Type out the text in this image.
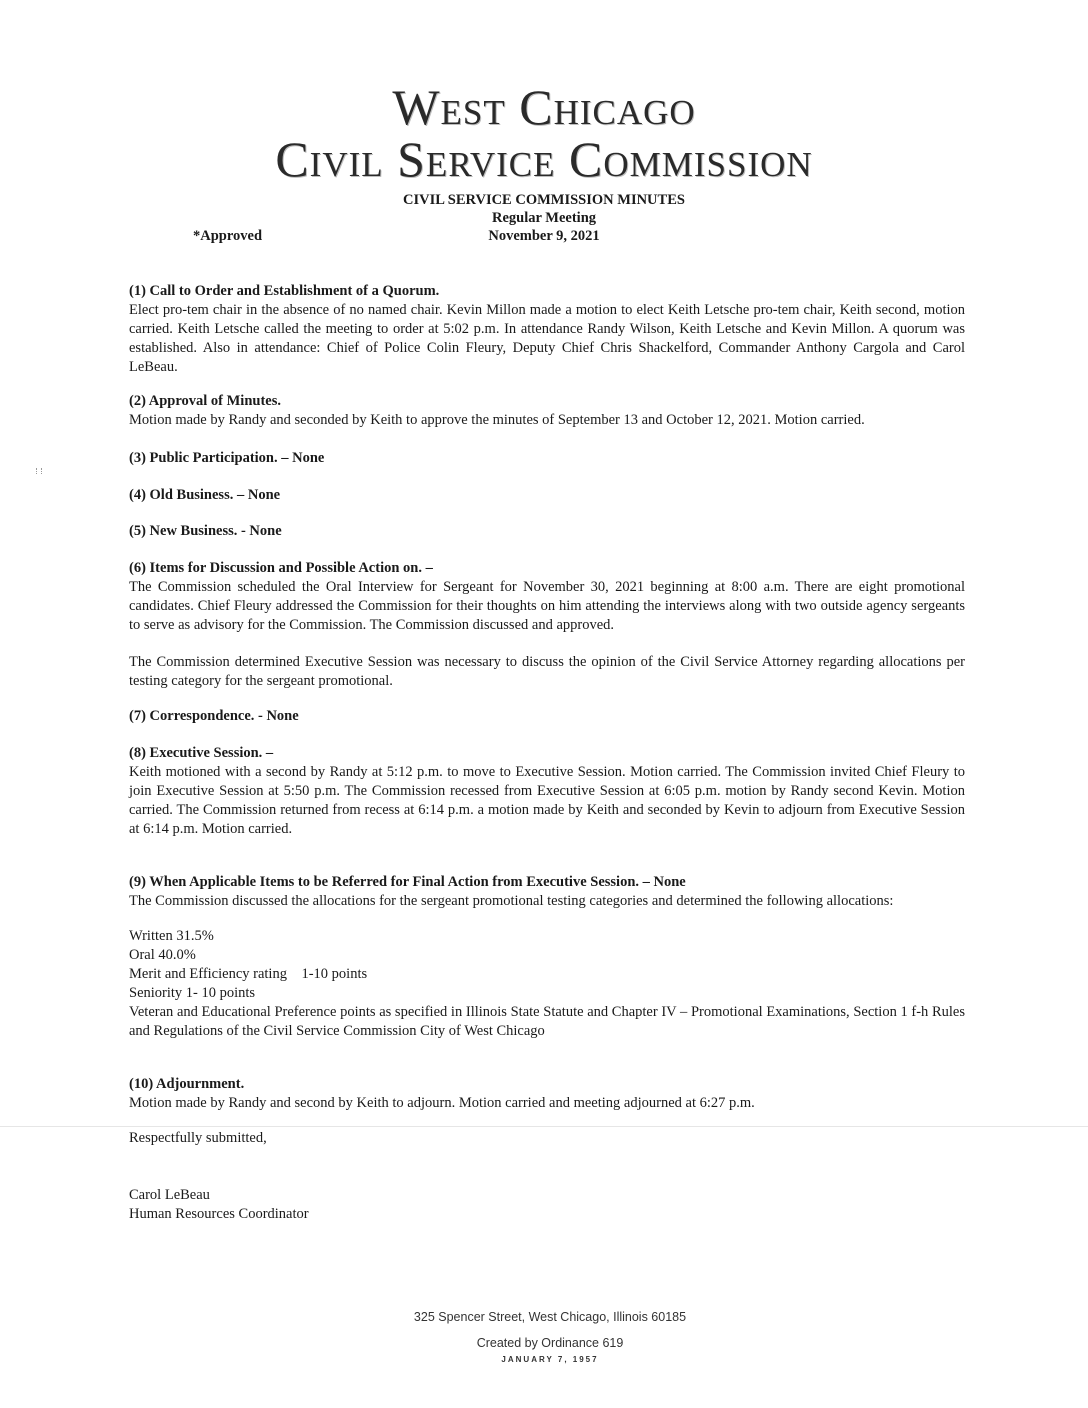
West Chicago
Civil Service Commission
CIVIL SERVICE COMMISSION MINUTES
Regular Meeting
November 9, 2021
*Approved
(1) Call to Order and Establishment of a Quorum.
Elect pro-tem chair in the absence of no named chair. Kevin Millon made a motion to elect Keith Letsche pro-tem chair, Keith second, motion carried. Keith Letsche called the meeting to order at 5:02 p.m. In attendance Randy Wilson, Keith Letsche and Kevin Millon. A quorum was established. Also in attendance: Chief of Police Colin Fleury, Deputy Chief Chris Shackelford, Commander Anthony Cargola and Carol LeBeau.
(2) Approval of Minutes.
Motion made by Randy and seconded by Keith to approve the minutes of September 13 and October 12, 2021. Motion carried.
(3) Public Participation. – None
(4) Old Business. – None
(5) New Business. - None
(6) Items for Discussion and Possible Action on. –
The Commission scheduled the Oral Interview for Sergeant for November 30, 2021 beginning at 8:00 a.m. There are eight promotional candidates. Chief Fleury addressed the Commission for their thoughts on him attending the interviews along with two outside agency sergeants to serve as advisory for the Commission. The Commission discussed and approved.
The Commission determined Executive Session was necessary to discuss the opinion of the Civil Service Attorney regarding allocations per testing category for the sergeant promotional.
(7) Correspondence. - None
(8) Executive Session. –
Keith motioned with a second by Randy at 5:12 p.m. to move to Executive Session. Motion carried. The Commission invited Chief Fleury to join Executive Session at 5:50 p.m. The Commission recessed from Executive Session at 6:05 p.m. motion by Randy second Kevin. Motion carried. The Commission returned from recess at 6:14 p.m. a motion made by Keith and seconded by Kevin to adjourn from Executive Session at 6:14 p.m. Motion carried.
(9) When Applicable Items to be Referred for Final Action from Executive Session. – None
The Commission discussed the allocations for the sergeant promotional testing categories and determined the following allocations:
Written 31.5%
Oral 40.0%
Merit and Efficiency rating    1-10 points
Seniority 1- 10 points
Veteran and Educational Preference points as specified in Illinois State Statute and Chapter IV – Promotional Examinations, Section 1 f-h Rules and Regulations of the Civil Service Commission City of West Chicago
(10) Adjournment.
Motion made by Randy and second by Keith to adjourn. Motion carried and meeting adjourned at 6:27 p.m.
Respectfully submitted,
Carol LeBeau
Human Resources Coordinator
325 Spencer Street, West Chicago, Illinois 60185
Created by Ordinance 619
JANUARY 7, 1957
